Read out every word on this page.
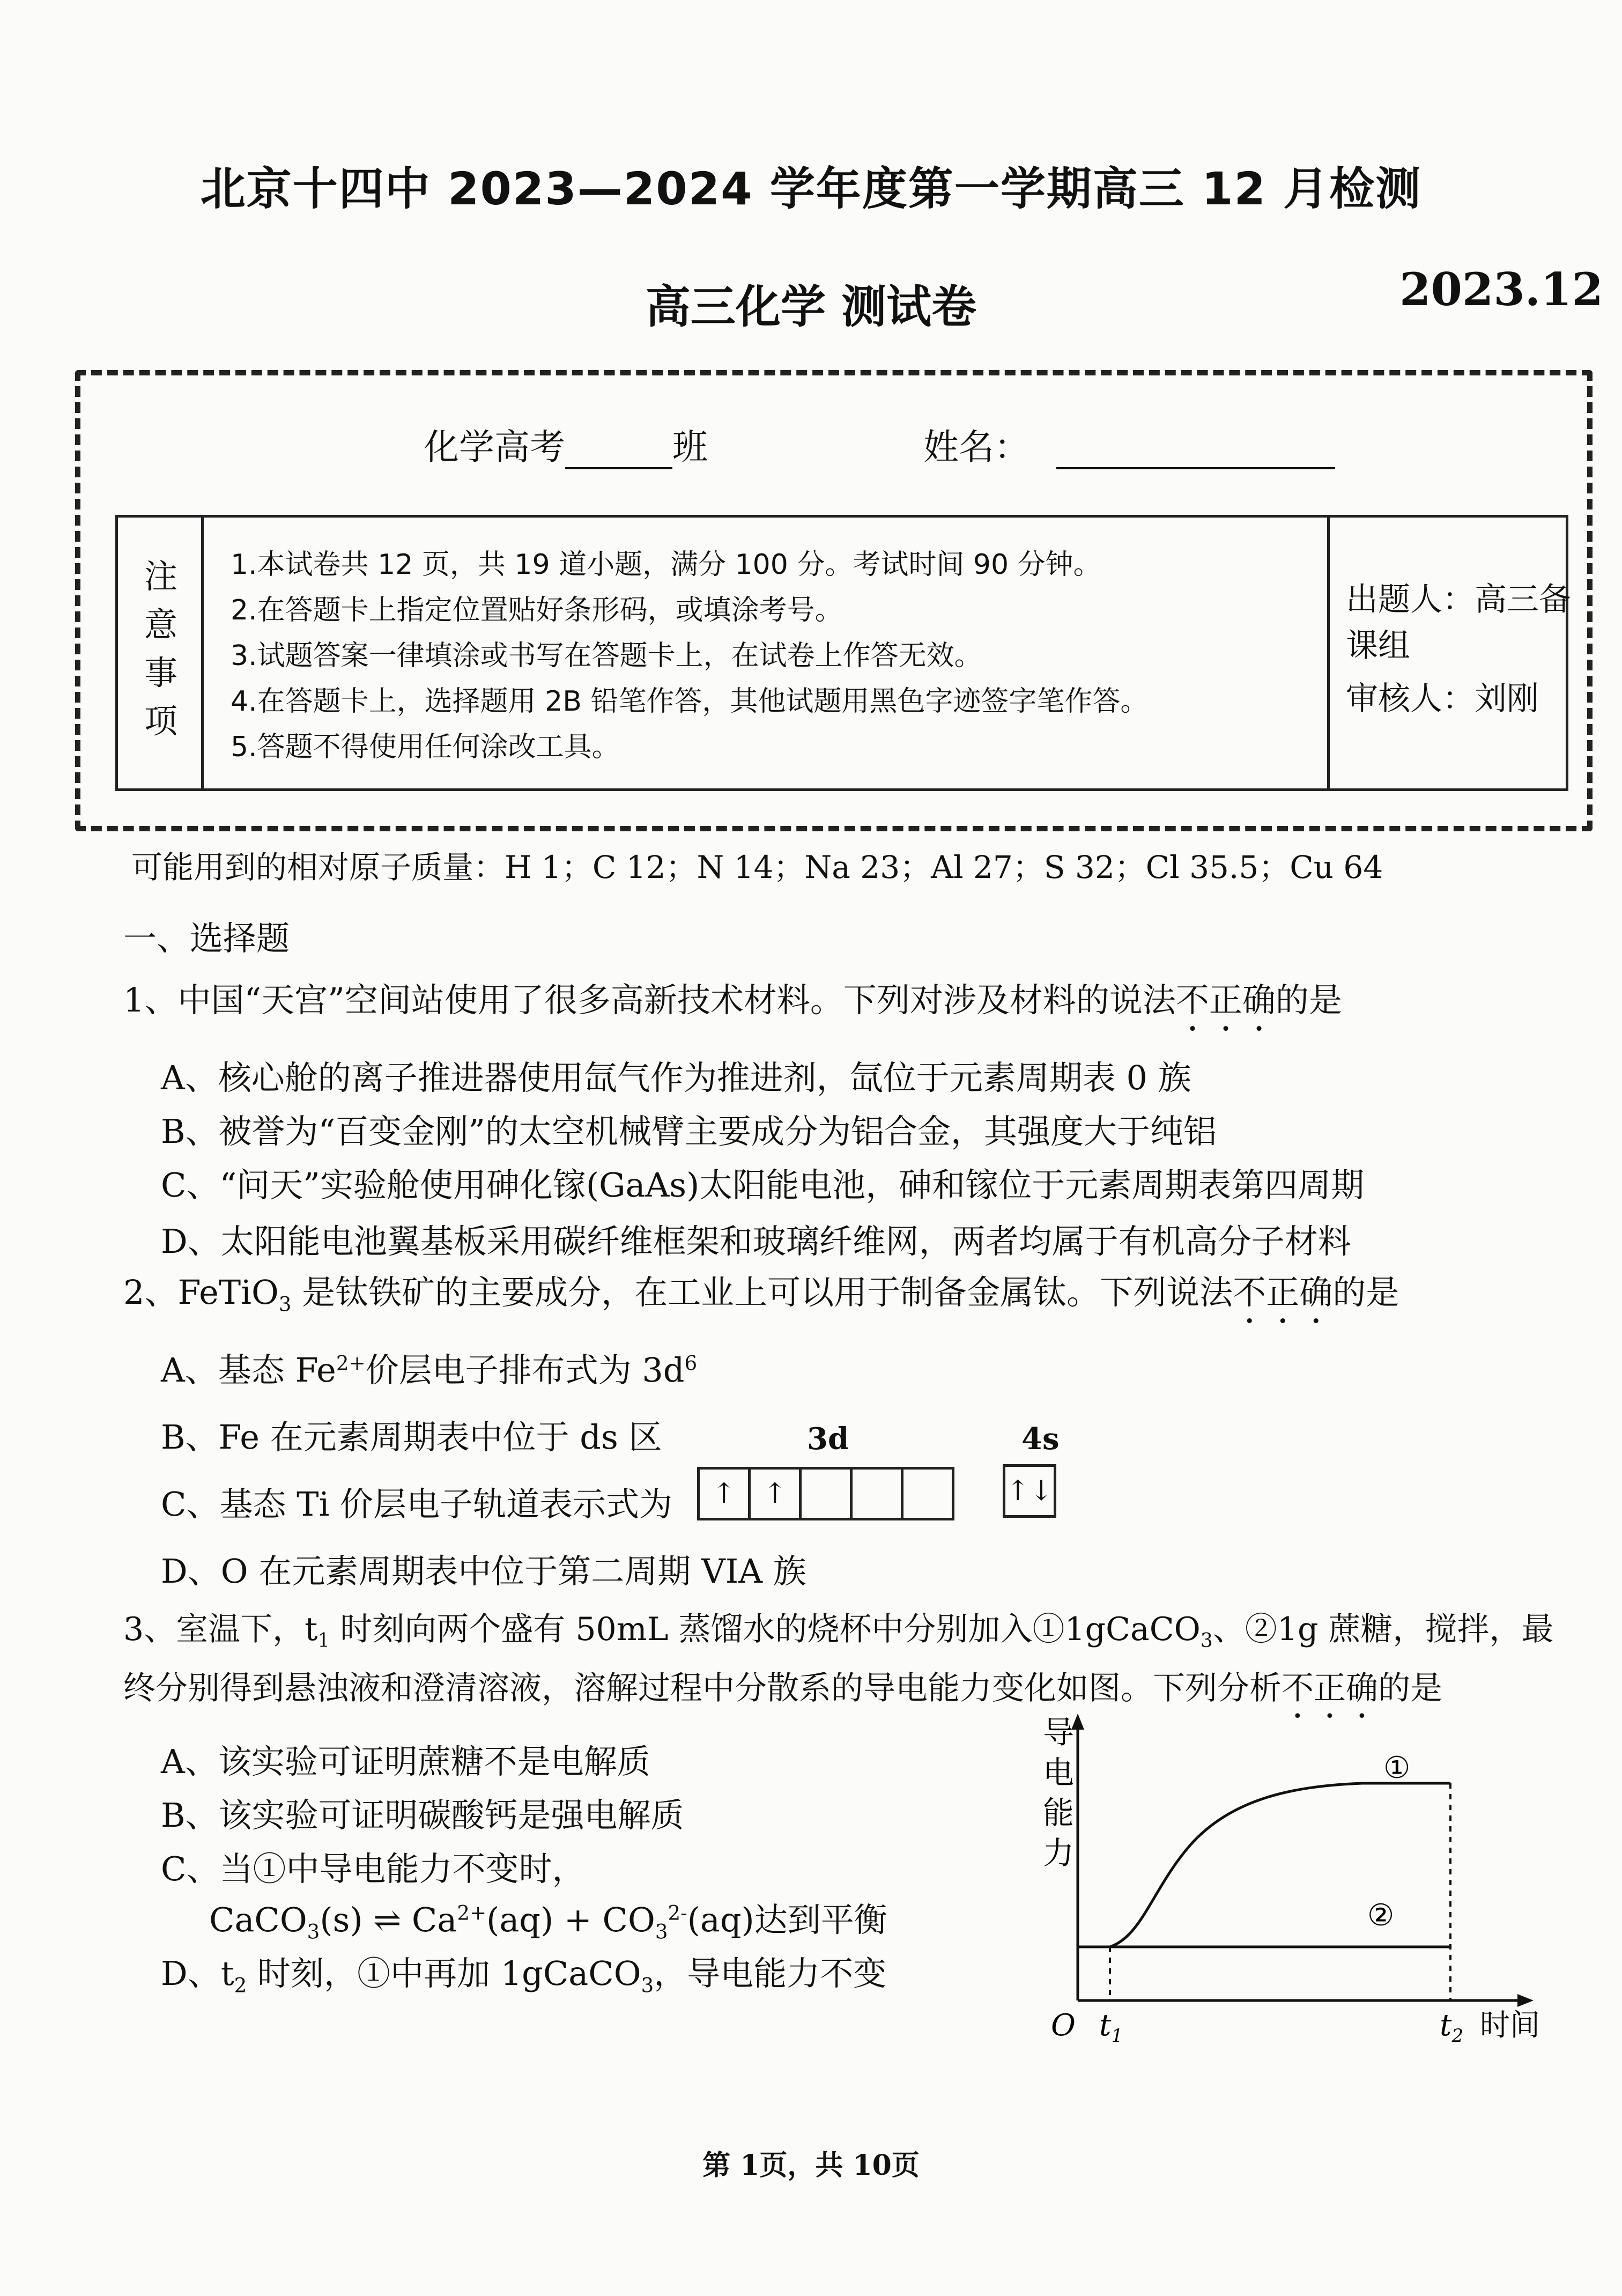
北京十四中 2023—2024 学年度第一学期高三 12 月检测
高三化学 测试卷	2023.12
化学高考	班	姓名：
注
意
事
项
1.本试卷共 12 页，共 19 道小题，满分 100 分。考试时间 90 分钟。
2.在答题卡上指定位置贴好条形码，或填涂考号。
3.试题答案一律填涂或书写在答题卡上，在试卷上作答无效。
4.在答题卡上，选择题用 2B 铅笔作答，其他试题用黑色字迹签字笔作答。
5.答题不得使用任何涂改工具。
出题人：高三备课组
审核人：刘刚
可能用到的相对原子质量：H 1；C 12；N 14；Na 23；Al 27；S 32；Cl 35.5；Cu 64
一、选择题
1、中国“天宫”空间站使用了很多高新技术材料。下列对涉及材料的说法不正确的是
A、核心舱的离子推进器使用氙气作为推进剂，氙位于元素周期表 0 族
B、被誉为“百变金刚”的太空机械臂主要成分为铝合金，其强度大于纯铝
C、“问天”实验舱使用砷化镓(GaAs)太阳能电池，砷和镓位于元素周期表第四周期
D、太阳能电池翼基板采用碳纤维框架和玻璃纤维网，两者均属于有机高分子材料
2、FeTiO$_3$ 是钛铁矿的主要成分，在工业上可以用于制备金属钛。下列说法不正确的是
A、基态 $Fe^{2+}$价层电子排布式为 $3d^6$
B、Fe 在元素周期表中位于 ds 区
C、基态 Ti 价层电子轨道表示式为
3d	4s
↑ ↑	↑↓
D、O 在元素周期表中位于第二周期 VIA 族
3、室温下，$t_1$ 时刻向两个盛有 50mL 蒸馏水的烧杯中分别加入①1gCaCO$_3$、②1g 蔗糖，搅拌，最
终分别得到悬浊液和澄清溶液，溶解过程中分散系的导电能力变化如图。下列分析不正确的是
A、该实验可证明蔗糖不是电解质
B、该实验可证明碳酸钙是强电解质
C、当①中导电能力不变时，
CaCO$_3$(s) ⇌ $Ca^{2+}(aq) + CO_3^{2-}(aq)$达到平衡
D、$t_2$ 时刻，①中再加 1gCaCO$_3$，导电能力不变
导
电
能
力
①
②
O $t_1$	$t_2$ 时间
第 1页，共 10页
